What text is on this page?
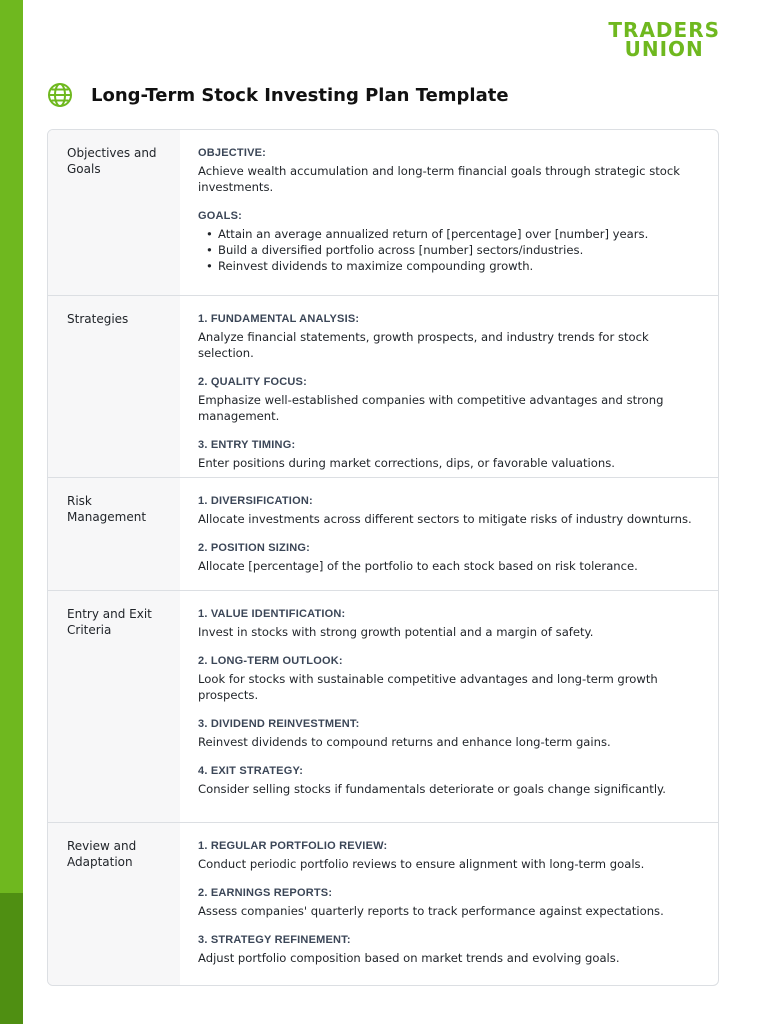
TRADERS
UNION
Long-Term Stock Investing Plan Template
Objectives and Goals
OBJECTIVE:
Achieve wealth accumulation and long-term financial goals through strategic stock investments.
GOALS:
• Attain an average annualized return of [percentage] over [number] years.
• Build a diversified portfolio across [number] sectors/industries.
• Reinvest dividends to maximize compounding growth.
Strategies	1. FUNDAMENTAL ANALYSIS:
Analyze financial statements, growth prospects, and industry trends for stock selection.
2. QUALITY FOCUS:
Emphasize well-established companies with competitive advantages and strong management.
3. ENTRY TIMING:
Enter positions during market corrections, dips, or favorable valuations.
Risk Management
1. DIVERSIFICATION:
Allocate investments across different sectors to mitigate risks of industry downturns.
2. POSITION SIZING:
Allocate [percentage] of the portfolio to each stock based on risk tolerance.
Entry and Exit Criteria
1. VALUE IDENTIFICATION:
Invest in stocks with strong growth potential and a margin of safety.
2. LONG-TERM OUTLOOK:
Look for stocks with sustainable competitive advantages and long-term growth prospects.
3. DIVIDEND REINVESTMENT:
Reinvest dividends to compound returns and enhance long-term gains.
4. EXIT STRATEGY:
Consider selling stocks if fundamentals deteriorate or goals change significantly.
Review and Adaptation
1. REGULAR PORTFOLIO REVIEW:
Conduct periodic portfolio reviews to ensure alignment with long-term goals.
2. EARNINGS REPORTS:
Assess companies' quarterly reports to track performance against expectations.
3. STRATEGY REFINEMENT:
Adjust portfolio composition based on market trends and evolving goals.
